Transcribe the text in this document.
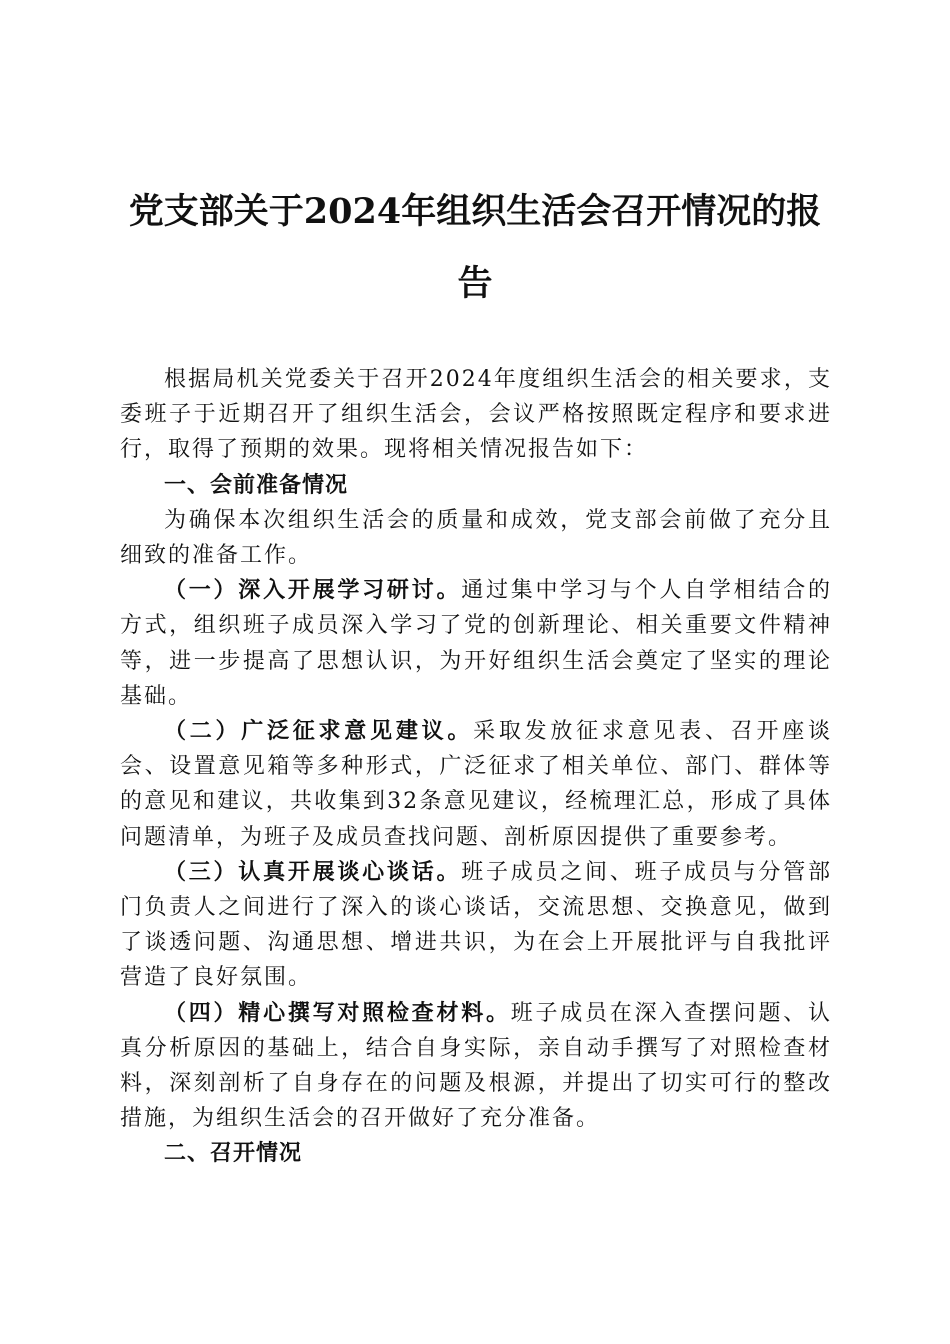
党支部关于2024年组织生活会召开情况的报告

根据局机关党委关于召开2024年度组织生活会的相关要求，支委班子于近期召开了组织生活会，会议严格按照既定程序和要求进行，取得了预期的效果。现将相关情况报告如下：

一、会前准备情况

为确保本次组织生活会的质量和成效，党支部会前做了充分且细致的准备工作。

（一）深入开展学习研讨。通过集中学习与个人自学相结合的方式，组织班子成员深入学习了党的创新理论、相关重要文件精神等，进一步提高了思想认识，为开好组织生活会奠定了坚实的理论基础。

（二）广泛征求意见建议。采取发放征求意见表、召开座谈会、设置意见箱等多种形式，广泛征求了相关单位、部门、群体等的意见和建议，共收集到32条意见建议，经梳理汇总，形成了具体问题清单，为班子及成员查找问题、剖析原因提供了重要参考。

（三）认真开展谈心谈话。班子成员之间、班子成员与分管部门负责人之间进行了深入的谈心谈话，交流思想、交换意见，做到了谈透问题、沟通思想、增进共识，为在会上开展批评与自我批评营造了良好氛围。

（四）精心撰写对照检查材料。班子成员在深入查摆问题、认真分析原因的基础上，结合自身实际，亲自动手撰写了对照检查材料，深刻剖析了自身存在的问题及根源，并提出了切实可行的整改措施，为组织生活会的召开做好了充分准备。

二、召开情况
